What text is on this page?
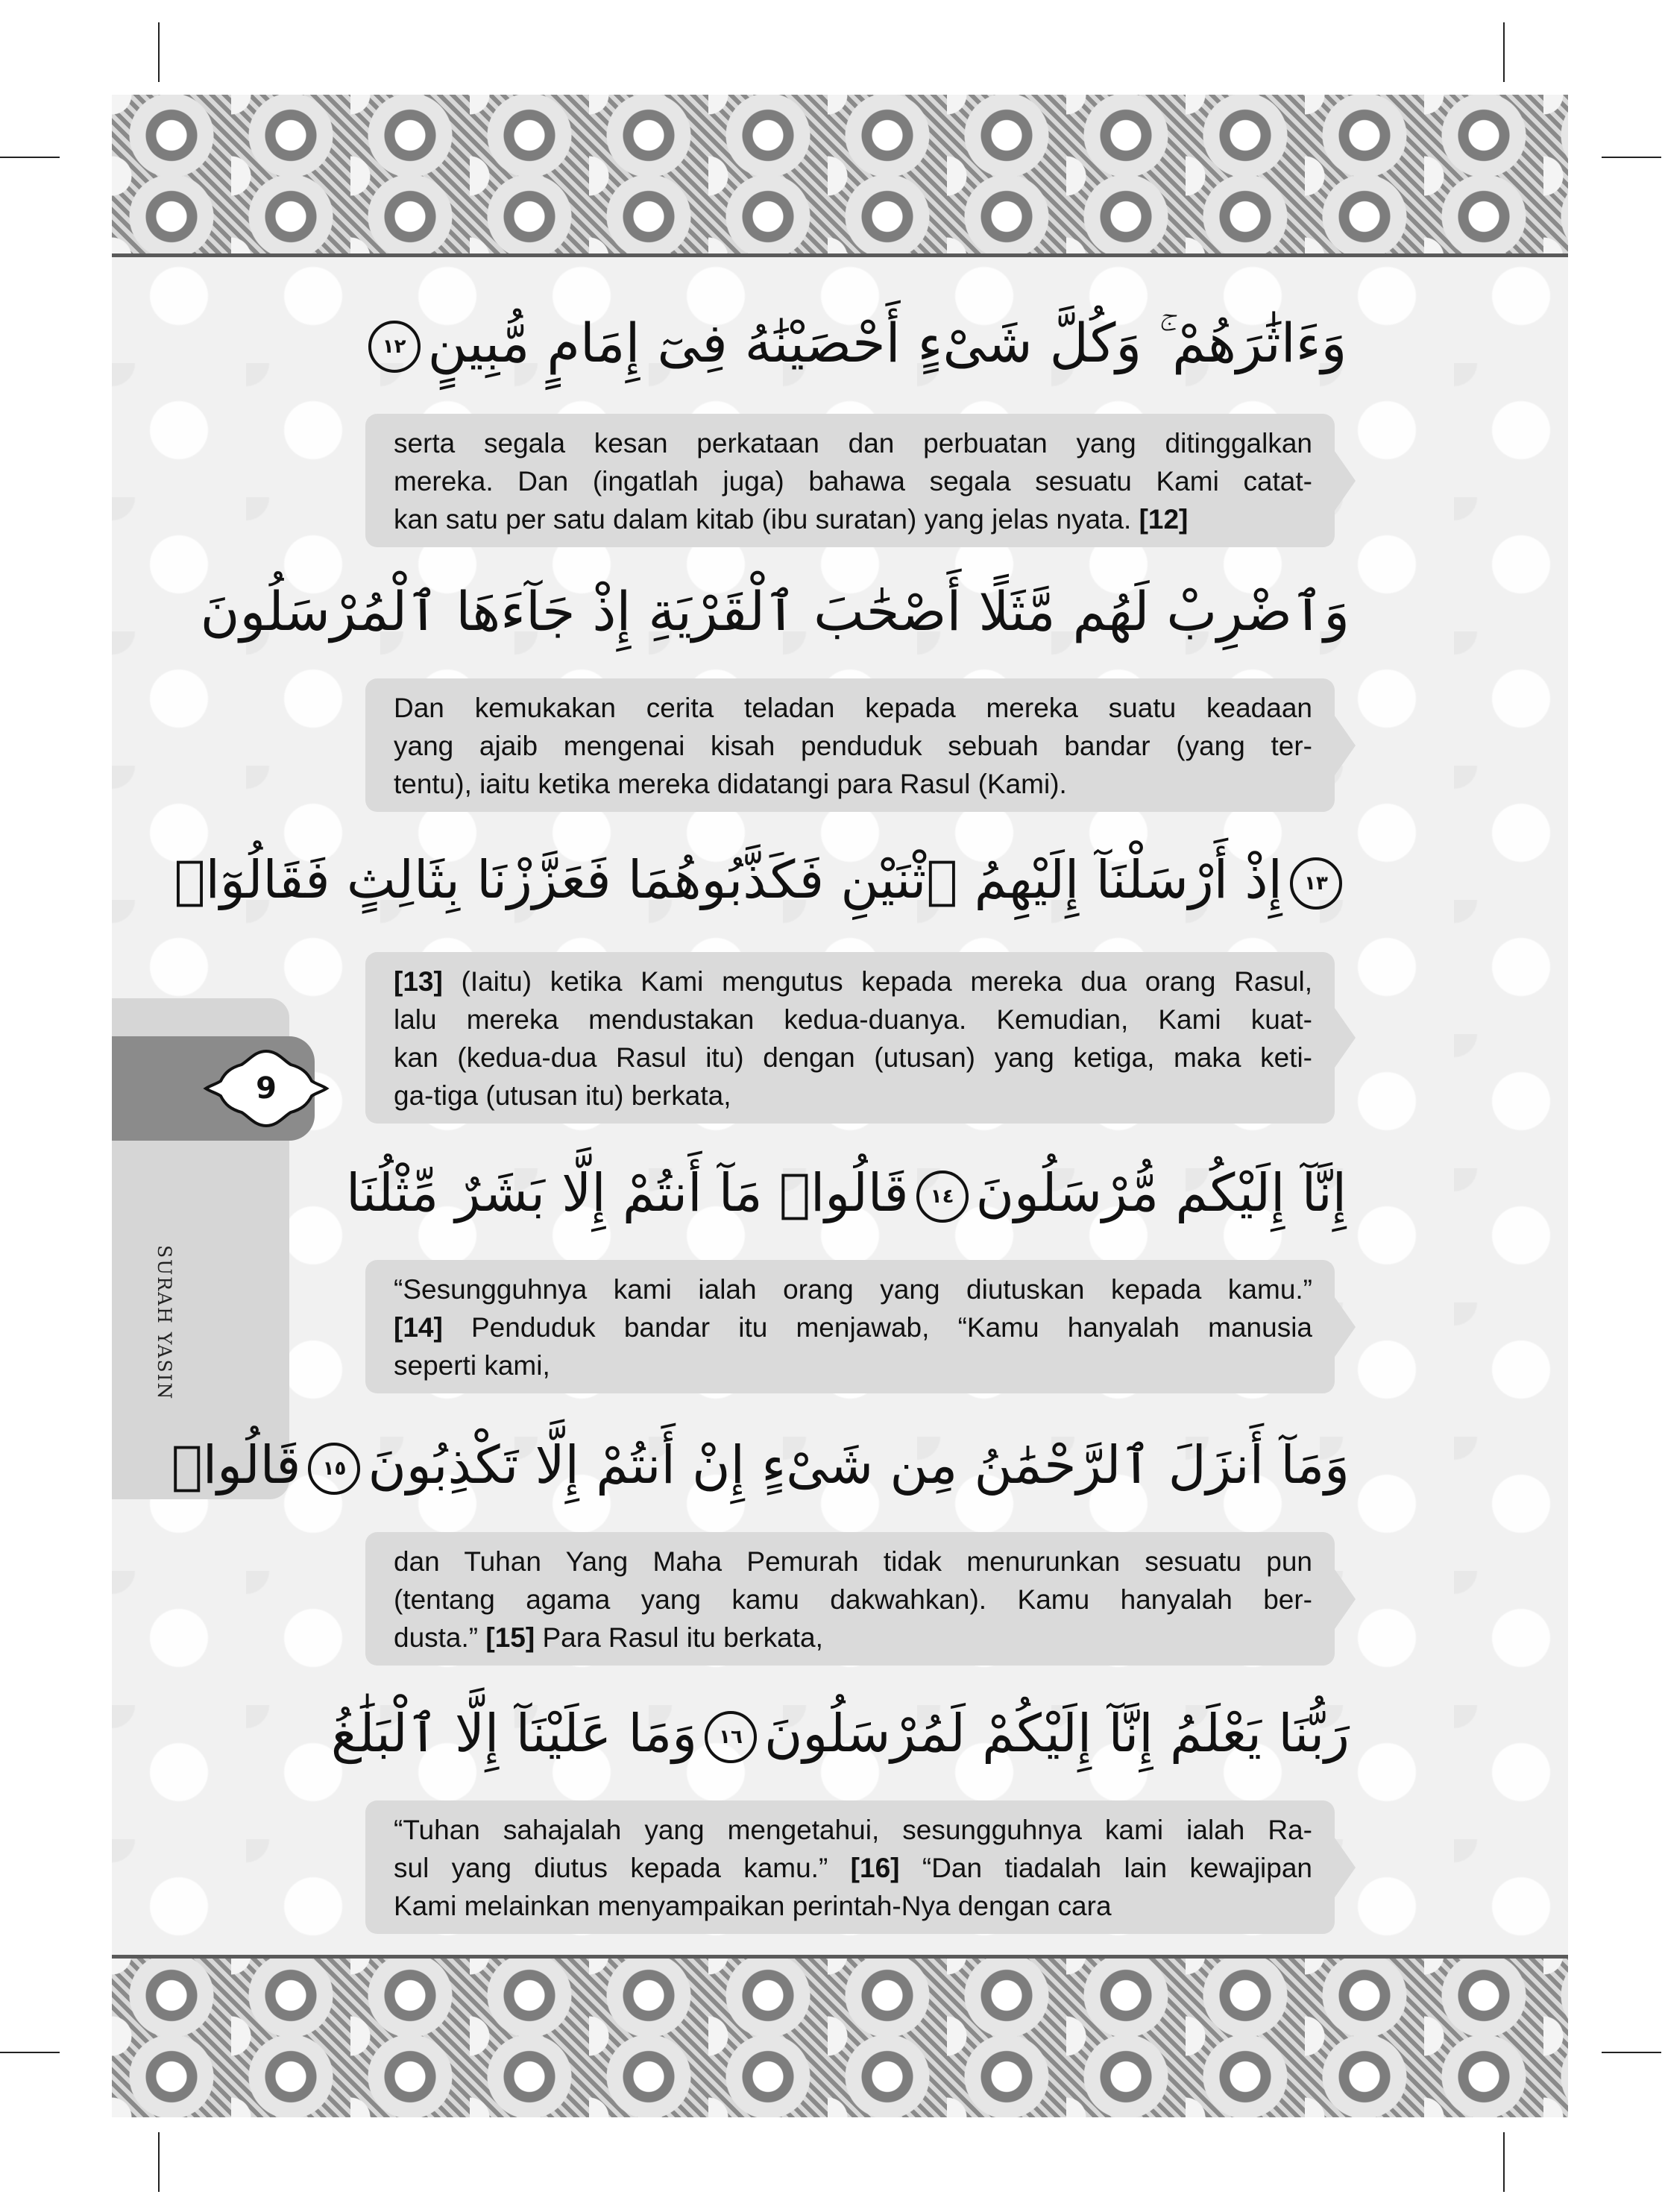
9
SURAH YASIN
وَءَاثَٰرَهُمْ ۚ وَكُلَّ شَىْءٍ أَحْصَيْنَٰهُ فِىٓ إِمَامٍ مُّبِينٍ١٢
serta segala kesan perkataan dan perbuatan yang ditinggalkan
mereka. Dan (ingatlah juga) bahawa segala sesuatu Kami catat-
kan satu per satu dalam kitab (ibu suratan) yang jelas nyata. [12]
وَٱضْرِبْ لَهُم مَّثَلًا أَصْحَٰبَ ٱلْقَرْيَةِ إِذْ جَآءَهَا ٱلْمُرْسَلُونَ
Dan kemukakan cerita teladan kepada mereka suatu keadaan
yang ajaib mengenai kisah penduduk sebuah bandar (yang ter-
tentu), iaitu ketika mereka didatangi para Rasul (Kami).
١٣إِذْ أَرْسَلْنَآ إِلَيْهِمُ ٱثْنَيْنِ فَكَذَّبُوهُمَا فَعَزَّزْنَا بِثَالِثٍ فَقَالُوٓا۟
[13] (Iaitu) ketika Kami mengutus kepada mereka dua orang Rasul,
lalu mereka mendustakan kedua-duanya. Kemudian, Kami kuat-
kan (kedua-dua Rasul itu) dengan (utusan) yang ketiga, maka keti-
ga-tiga (utusan itu) berkata,
إِنَّآ إِلَيْكُم مُّرْسَلُونَ١٤قَالُوا۟ مَآ أَنتُمْ إِلَّا بَشَرٌ مِّثْلُنَا
“Sesungguhnya kami ialah orang yang diutuskan kepada kamu.”
[14] Penduduk bandar itu menjawab, “Kamu hanyalah manusia
seperti kami,
وَمَآ أَنزَلَ ٱلرَّحْمَٰنُ مِن شَىْءٍ إِنْ أَنتُمْ إِلَّا تَكْذِبُونَ١٥قَالُوا۟
dan Tuhan Yang Maha Pemurah tidak menurunkan sesuatu pun
(tentang agama yang kamu dakwahkan). Kamu hanyalah ber-
dusta.” [15] Para Rasul itu berkata,
رَبُّنَا يَعْلَمُ إِنَّآ إِلَيْكُمْ لَمُرْسَلُونَ١٦وَمَا عَلَيْنَآ إِلَّا ٱلْبَلَٰغُ
“Tuhan sahajalah yang mengetahui, sesungguhnya kami ialah Ra-
sul yang diutus kepada kamu.” [16] “Dan tiadalah lain kewajipan
Kami melainkan menyampaikan perintah-Nya dengan cara
